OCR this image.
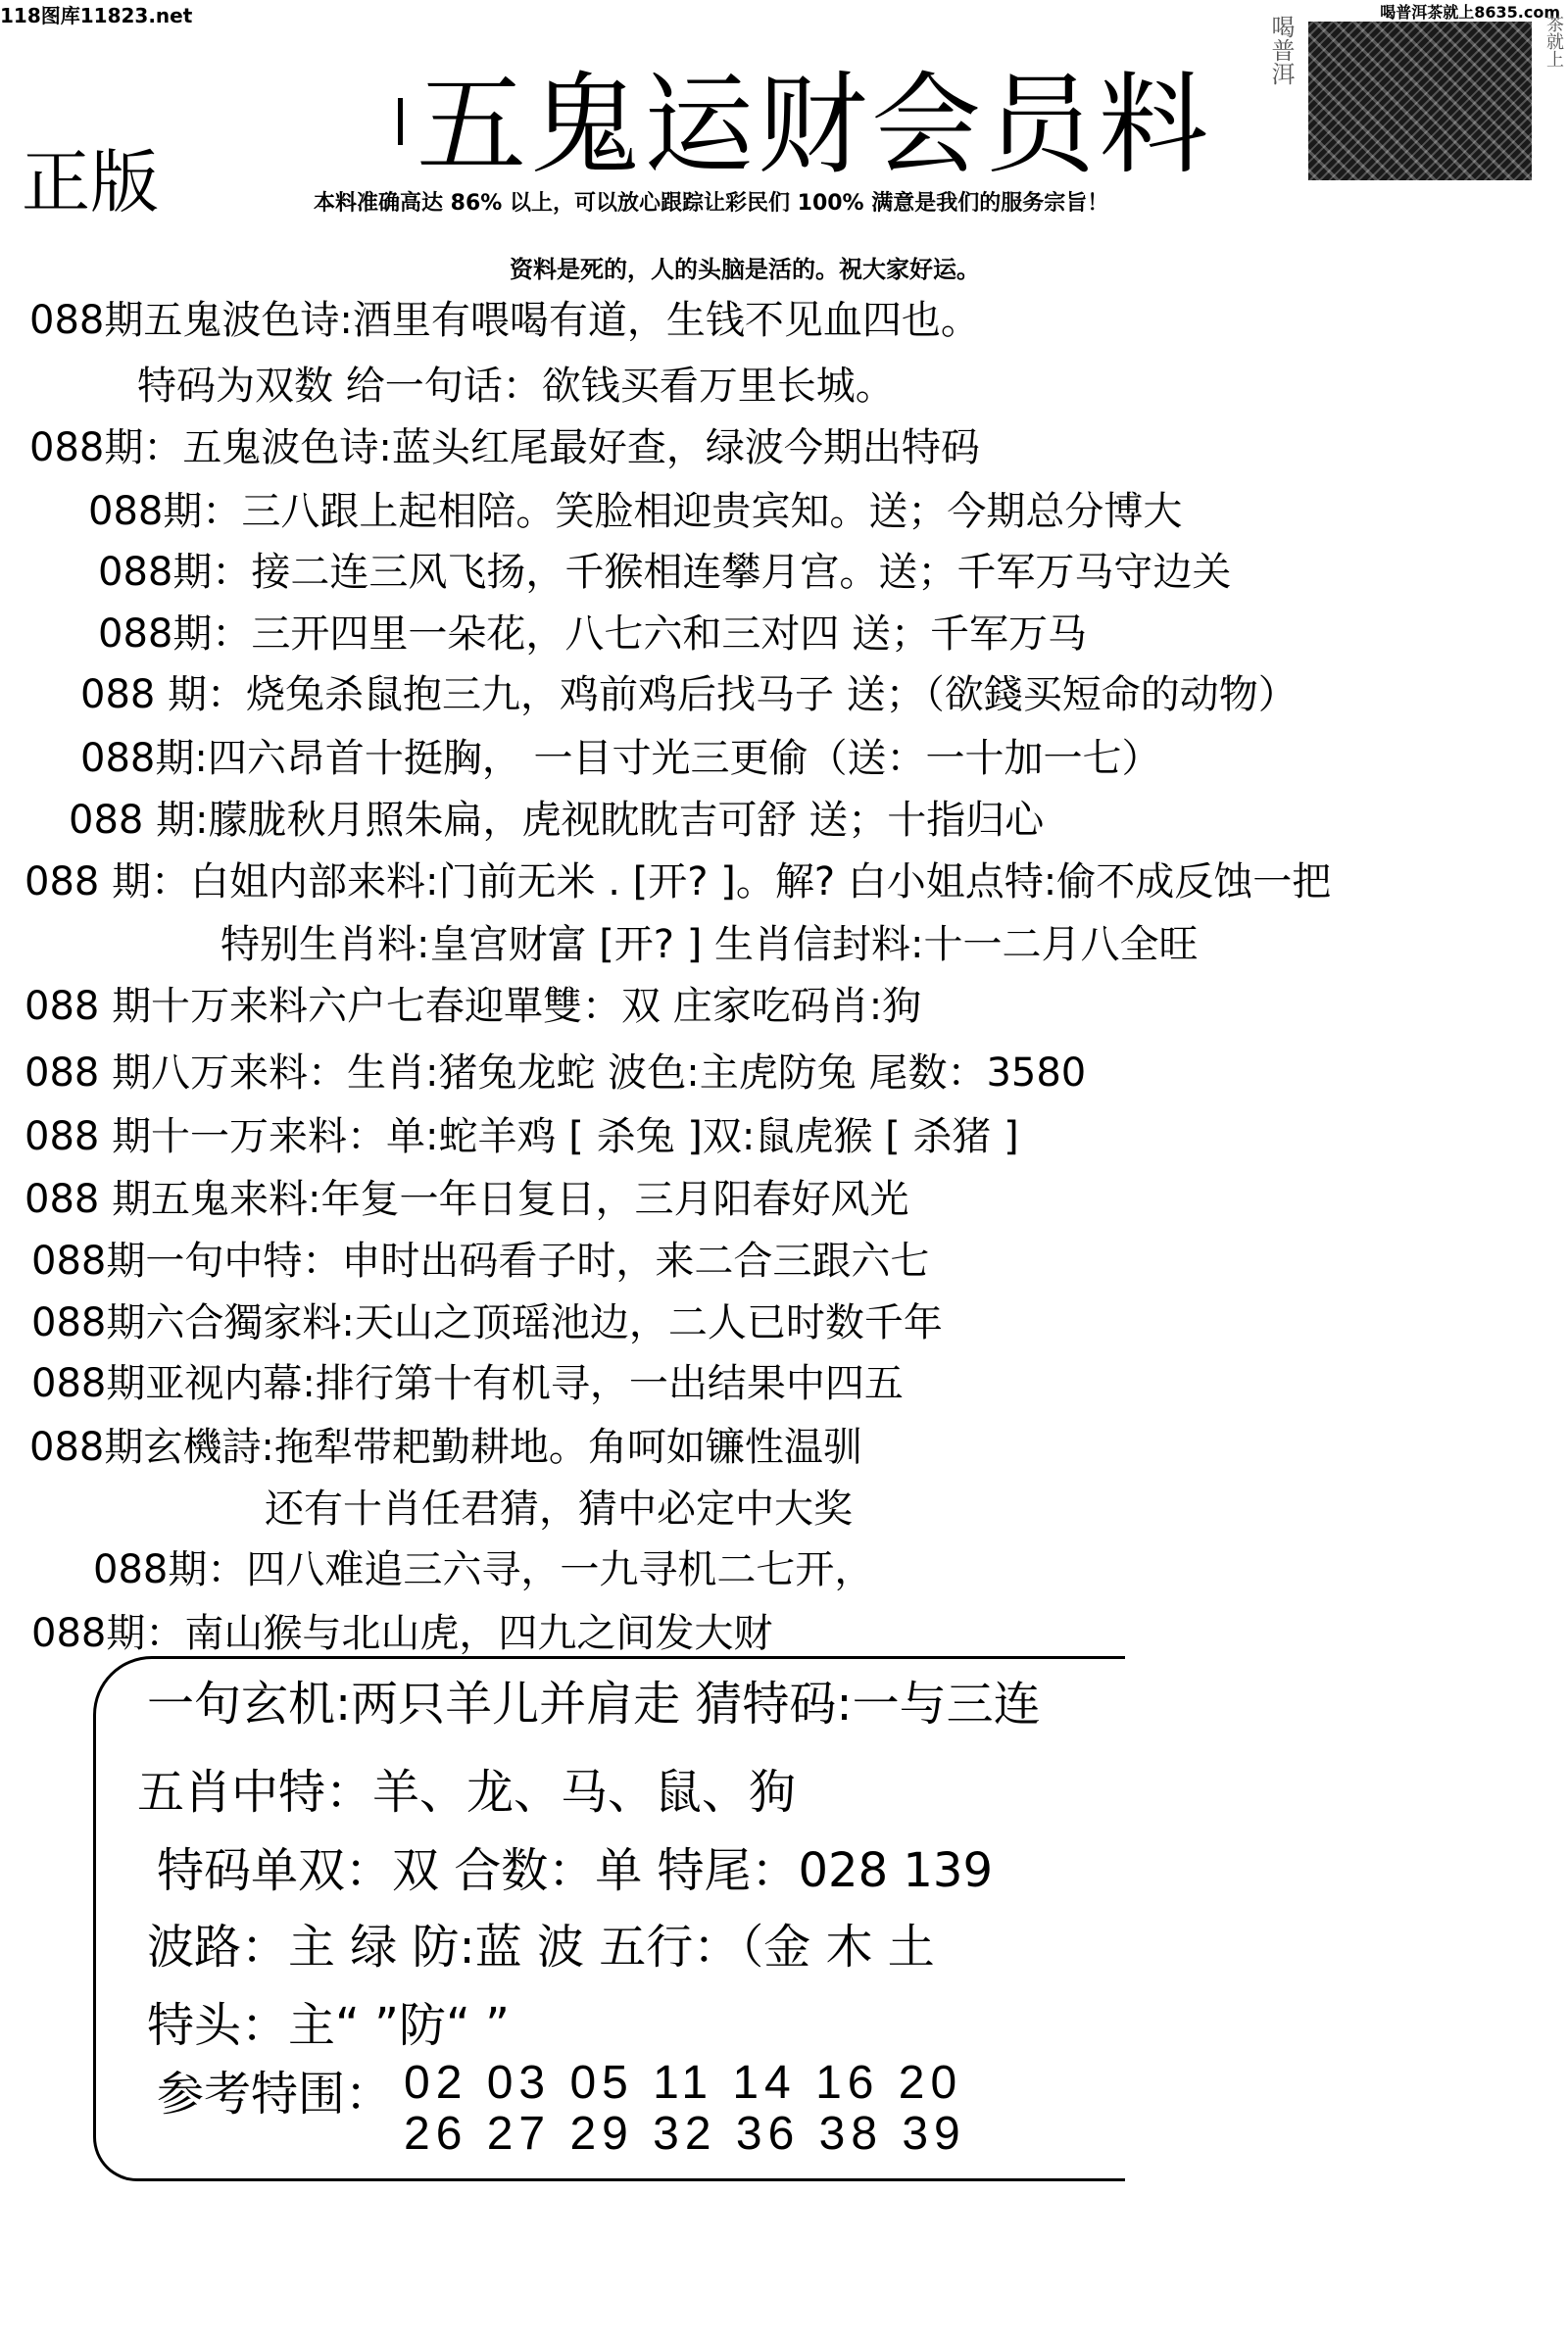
118图库11823.net	喝普洱茶就上8635.com
五鬼运财会员料
正版
喝普洱	茶就上
本料准确高达 86% 以上，可以放心跟踪让彩民们 100% 满意是我们的服务宗旨！
资料是死的，人的头脑是活的。祝大家好运。
088期五鬼波色诗:酒里有喂喝有道，生钱不见血四也。
特码为双数 给一句话：欲钱买看万里长城。
088期：五鬼波色诗:蓝头红尾最好查，绿波今期出特码
088期：三八跟上起相陪。笑脸相迎贵宾知。送；今期总分博大
088期：接二连三风飞扬，千猴相连攀月宫。送；千军万马守边关
088期：三开四里一朵花，八七六和三对四 送；千军万马
088 期：烧兔杀鼠抱三九，鸡前鸡后找马子 送；（欲錢买短命的动物）
088期:四六昂首十挺胸， 一目寸光三更偷（送：一十加一七）
088 期:朦胧秋月照朱扁，虎视眈眈吉可舒 送；十指归心
088 期：白姐内部来料:门前无米 . [开? ]。解? 白小姐点特:偷不成反蚀一把
特别生肖料:皇宫财富 [开? ] 生肖信封料:十一二月八全旺
088 期十万来料六户七春迎單雙：双 庄家吃码肖:狗
088 期八万来料：生肖:猪兔龙蛇 波色:主虎防兔 尾数：3580
088 期十一万来料：单:蛇羊鸡 [ 杀兔 ]双:鼠虎猴 [ 杀猪 ]
088 期五鬼来料:年复一年日复日，三月阳春好风光
088期一句中特：申时出码看子时，来二合三跟六七
088期六合獨家料:天山之顶瑶池边，二人已时数千年
088期亚视内幕:排行第十有机寻，一出结果中四五
088期玄機詩:拖犁带耙勤耕地。角呵如镰性温驯
还有十肖任君猜，猜中必定中大奖
088期：四八难追三六寻，一九寻机二七开，
088期：南山猴与北山虎，四九之间发大财
一句玄机:两只羊儿并肩走 猜特码:一与三连
五肖中特：羊、龙、马、鼠、狗
特码单双：双 合数：单 特尾：028 139
波路：主 绿 防:蓝 波 五行：（金 木 土
特头：主“ ”防“ ”
参考特围： 02 03 05 11 14 16 20
26 27 29 32 36 38 39
